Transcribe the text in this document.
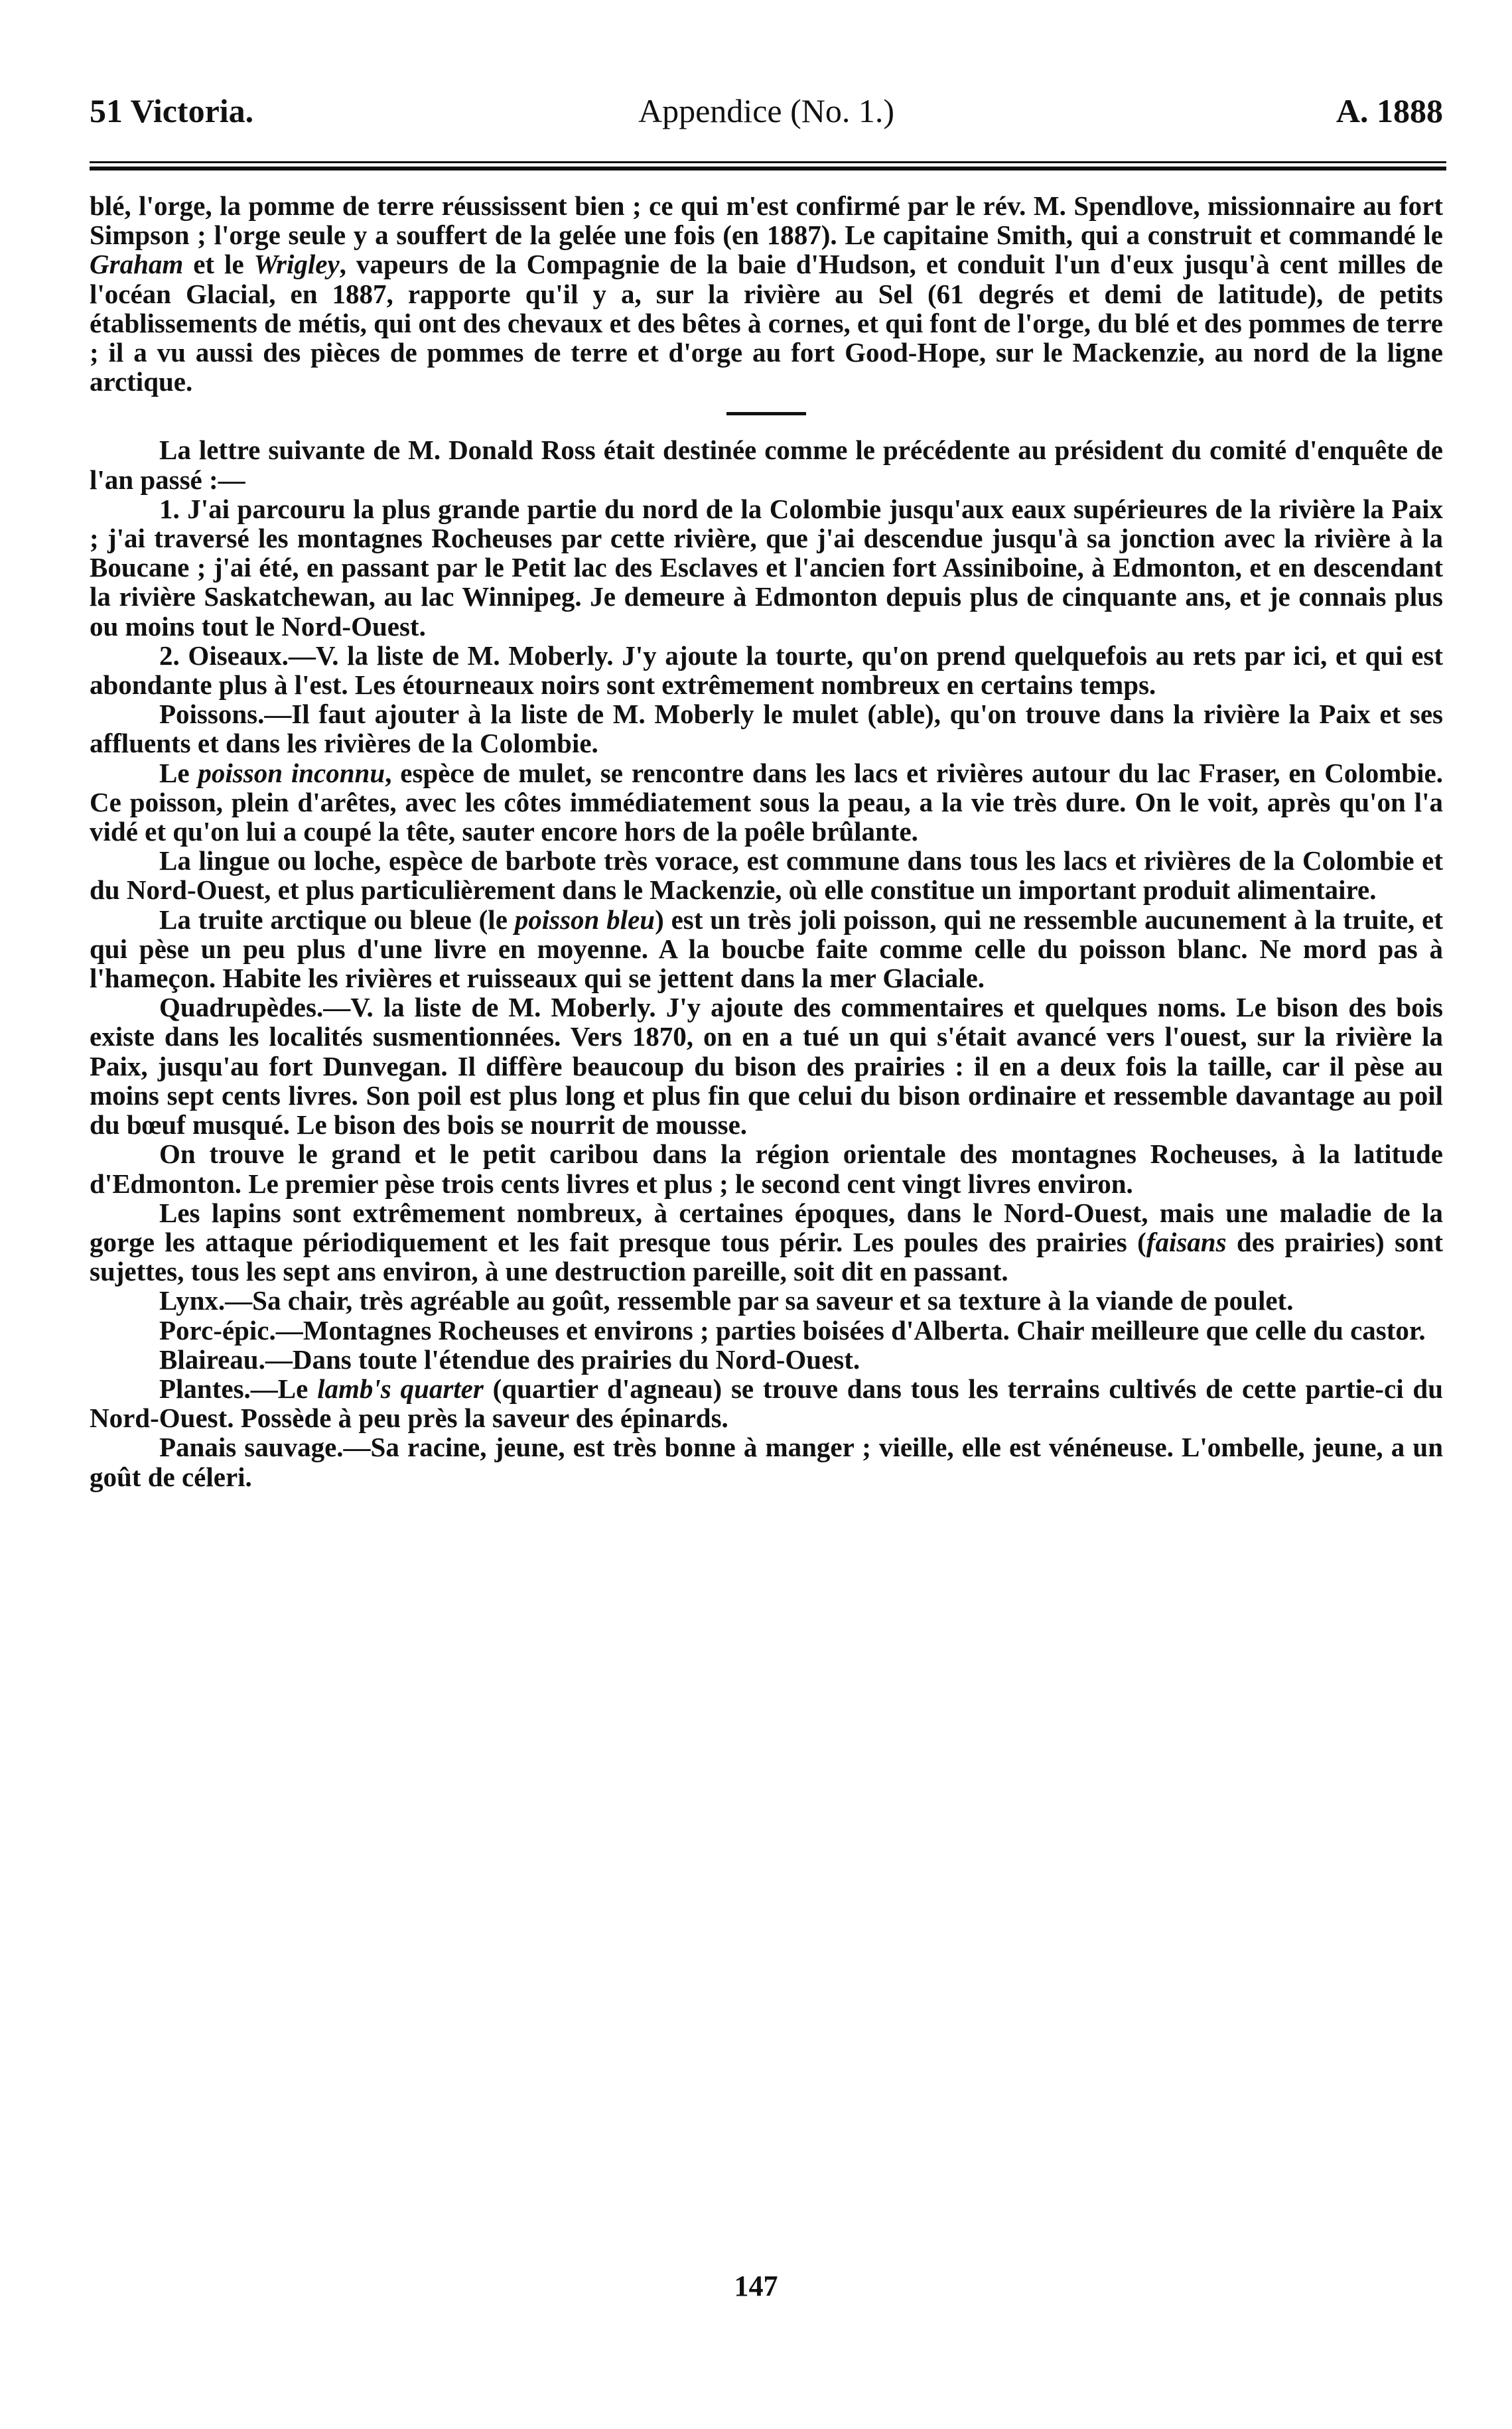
51 Victoria.	Appendice (No. 1.)	A. 1888

blé, l'orge, la pomme de terre réussissent bien ; ce qui m'est confirmé par le rév. M. Spendlove, missionnaire au fort Simpson ; l'orge seule y a souffert de la gelée une fois (en 1887). Le capitaine Smith, qui a construit et commandé le Graham et le Wrigley, vapeurs de la Compagnie de la baie d'Hudson, et conduit l'un d'eux jusqu'à cent milles de l'océan Glacial, en 1887, rapporte qu'il y a, sur la rivière au Sel (61 degrés et demi de latitude), de petits établissements de métis, qui ont des chevaux et des bêtes à cornes, et qui font de l'orge, du blé et des pommes de terre ; il a vu aussi des pièces de pommes de terre et d'orge au fort Good-Hope, sur le Mackenzie, au nord de la ligne arctique.

La lettre suivante de M. Donald Ross était destinée comme le précédente au président du comité d'enquête de l'an passé :—

1. J'ai parcouru la plus grande partie du nord de la Colombie jusqu'aux eaux supérieures de la rivière la Paix ; j'ai traversé les montagnes Rocheuses par cette rivière, que j'ai descendue jusqu'à sa jonction avec la rivière à la Boucane ; j'ai été, en passant par le Petit lac des Esclaves et l'ancien fort Assiniboine, à Edmonton, et en descendant la rivière Saskatchewan, au lac Winnipeg. Je demeure à Edmonton depuis plus de cinquante ans, et je connais plus ou moins tout le Nord-Ouest.

2. Oiseaux.—V. la liste de M. Moberly. J'y ajoute la tourte, qu'on prend quelquefois au rets par ici, et qui est abondante plus à l'est. Les étourneaux noirs sont extrêmement nombreux en certains temps.

Poissons.—Il faut ajouter à la liste de M. Moberly le mulet (able), qu'on trouve dans la rivière la Paix et ses affluents et dans les rivières de la Colombie.

Le poisson inconnu, espèce de mulet, se rencontre dans les lacs et rivières autour du lac Fraser, en Colombie. Ce poisson, plein d'arêtes, avec les côtes immédiatement sous la peau, a la vie très dure. On le voit, après qu'on l'a vidé et qu'on lui a coupé la tête, sauter encore hors de la poêle brûlante.

La lingue ou loche, espèce de barbote très vorace, est commune dans tous les lacs et rivières de la Colombie et du Nord-Ouest, et plus particulièrement dans le Mackenzie, où elle constitue un important produit alimentaire.

La truite arctique ou bleue (le poisson bleu) est un très joli poisson, qui ne ressemble aucunement à la truite, et qui pèse un peu plus d'une livre en moyenne. A la boucbe faite comme celle du poisson blanc. Ne mord pas à l'hameçon. Habite les rivières et ruisseaux qui se jettent dans la mer Glaciale.

Quadrupèdes.—V. la liste de M. Moberly. J'y ajoute des commentaires et quelques noms. Le bison des bois existe dans les localités susmentionnées. Vers 1870, on en a tué un qui s'était avancé vers l'ouest, sur la rivière la Paix, jusqu'au fort Dunvegan. Il diffère beaucoup du bison des prairies : il en a deux fois la taille, car il pèse au moins sept cents livres. Son poil est plus long et plus fin que celui du bison ordinaire et ressemble davantage au poil du bœuf musqué. Le bison des bois se nourrit de mousse.

On trouve le grand et le petit caribou dans la région orientale des montagnes Rocheuses, à la latitude d'Edmonton. Le premier pèse trois cents livres et plus ; le second cent vingt livres environ.

Les lapins sont extrêmement nombreux, à certaines époques, dans le Nord-Ouest, mais une maladie de la gorge les attaque périodiquement et les fait presque tous périr. Les poules des prairies (faisans des prairies) sont sujettes, tous les sept ans environ, à une destruction pareille, soit dit en passant.

Lynx.—Sa chair, très agréable au goût, ressemble par sa saveur et sa texture à la viande de poulet.

Porc-épic.—Montagnes Rocheuses et environs ; parties boisées d'Alberta. Chair meilleure que celle du castor.

Blaireau.—Dans toute l'étendue des prairies du Nord-Ouest.

Plantes.—Le lamb's quarter (quartier d'agneau) se trouve dans tous les terrains cultivés de cette partie-ci du Nord-Ouest. Possède à peu près la saveur des épinards.

Panais sauvage.—Sa racine, jeune, est très bonne à manger ; vieille, elle est vénéneuse. L'ombelle, jeune, a un goût de céleri.

147
